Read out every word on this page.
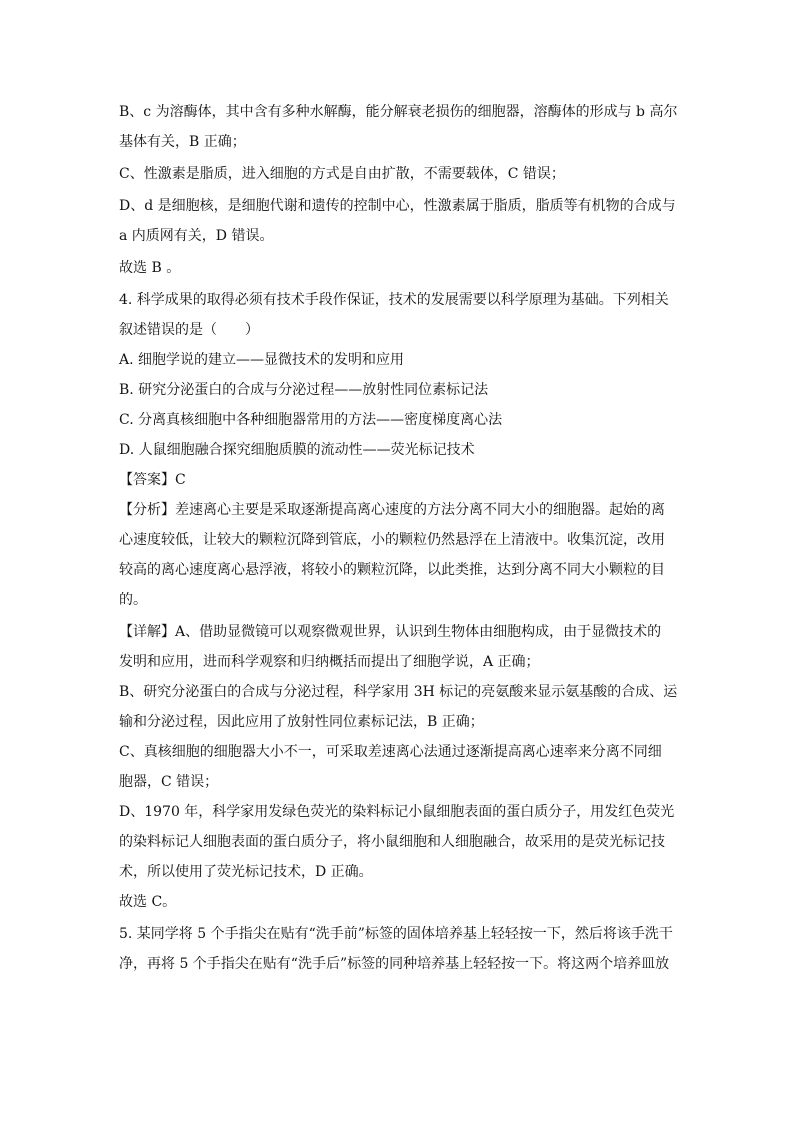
B、c 为溶酶体，其中含有多种水解酶，能分解衰老损伤的细胞器，溶酶体的形成与 b 高尔

基体有关，B 正确；

C、性激素是脂质，进入细胞的方式是自由扩散，不需要载体，C 错误；

D、d 是细胞核，是细胞代谢和遗传的控制中心，性激素属于脂质，脂质等有机物的合成与

a 内质网有关，D 错误。

故选 B 。

4. 科学成果的取得必须有技术手段作保证，技术的发展需要以科学原理为基础。下列相关

叙述错误的是（　　）

A. 细胞学说的建立——显微技术的发明和应用

B. 研究分泌蛋白的合成与分泌过程——放射性同位素标记法

C. 分离真核细胞中各种细胞器常用的方法——密度梯度离心法

D. 人鼠细胞融合探究细胞质膜的流动性——荧光标记技术

【答案】C

【分析】差速离心主要是采取逐渐提高离心速度的方法分离不同大小的细胞器。起始的离

心速度较低，让较大的颗粒沉降到管底，小的颗粒仍然悬浮在上清液中。收集沉淀，改用

较高的离心速度离心悬浮液，将较小的颗粒沉降，以此类推，达到分离不同大小颗粒的目

的。

【详解】A、借助显微镜可以观察微观世界，认识到生物体由细胞构成，由于显微技术的

发明和应用，进而科学观察和归纳概括而提出了细胞学说，A 正确；

B、研究分泌蛋白的合成与分泌过程，科学家用 3H 标记的亮氨酸来显示氨基酸的合成、运

输和分泌过程，因此应用了放射性同位素标记法，B 正确；

C、真核细胞的细胞器大小不一，可采取差速离心法通过逐渐提高离心速率来分离不同细

胞器，C 错误；

D、1970 年，科学家用发绿色荧光的染料标记小鼠细胞表面的蛋白质分子，用发红色荧光

的染料标记人细胞表面的蛋白质分子，将小鼠细胞和人细胞融合，故采用的是荧光标记技

术，所以使用了荧光标记技术，D 正确。

故选 C。

5. 某同学将 5 个手指尖在贴有“洗手前”标签的固体培养基上轻轻按一下，然后将该手洗干

净，再将 5 个手指尖在贴有“洗手后”标签的同种培养基上轻轻按一下。将这两个培养皿放
